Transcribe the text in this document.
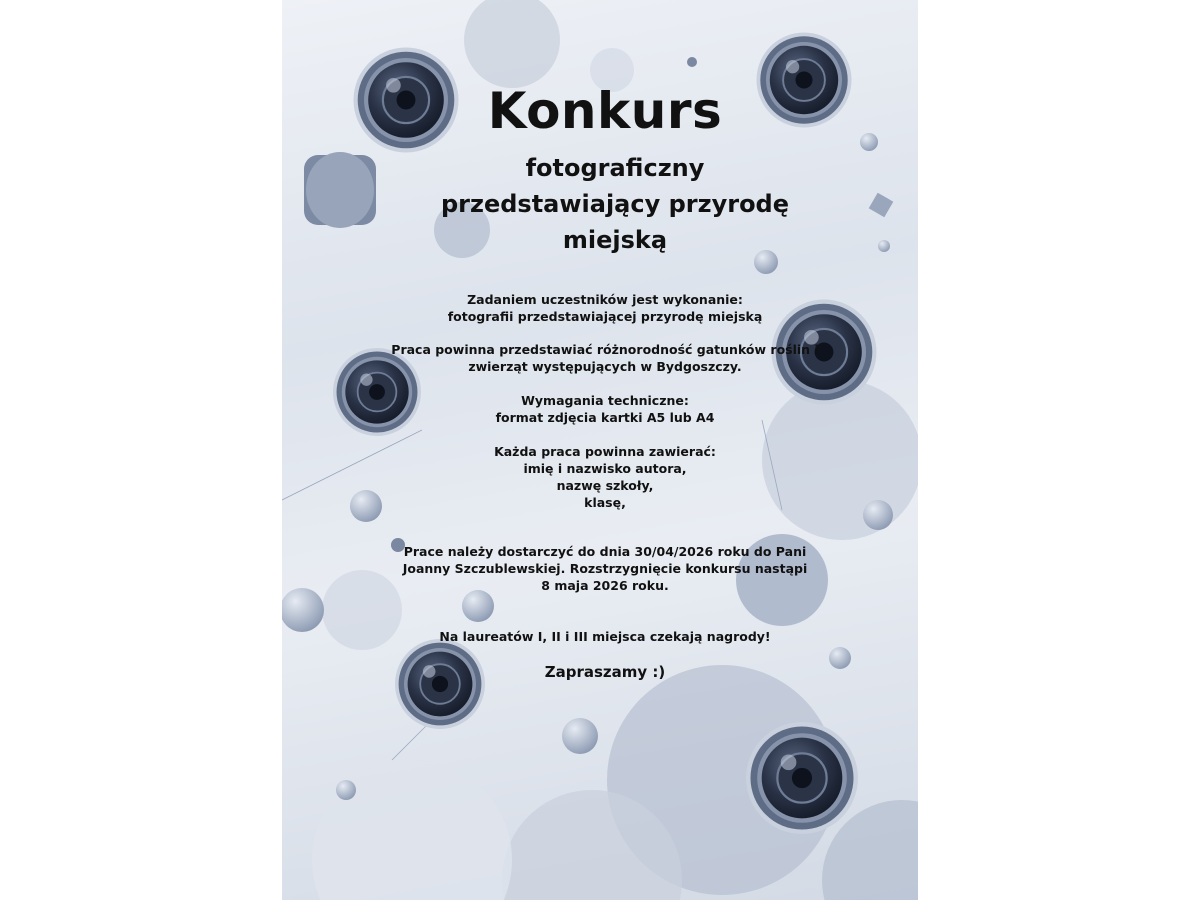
Konkurs
fotograficzny
przedstawiający przyrodę
miejską

Zadaniem uczestników jest wykonanie:
fotografii przedstawiającej przyrodę miejską

Praca powinna przedstawiać różnorodność gatunków roślin i
zwierząt występujących w Bydgoszczy.

Wymagania techniczne:
format zdjęcia kartki A5 lub A4

Każda praca powinna zawierać:
imię i nazwisko autora,
nazwę szkoły,
klasę,

Prace należy dostarczyć do dnia 30/04/2026 roku do Pani
Joanny Szczublewskiej. Rozstrzygnięcie konkursu nastąpi
8 maja 2026 roku.

Na laureatów I, II i III miejsca czekają nagrody!

Zapraszamy :)
